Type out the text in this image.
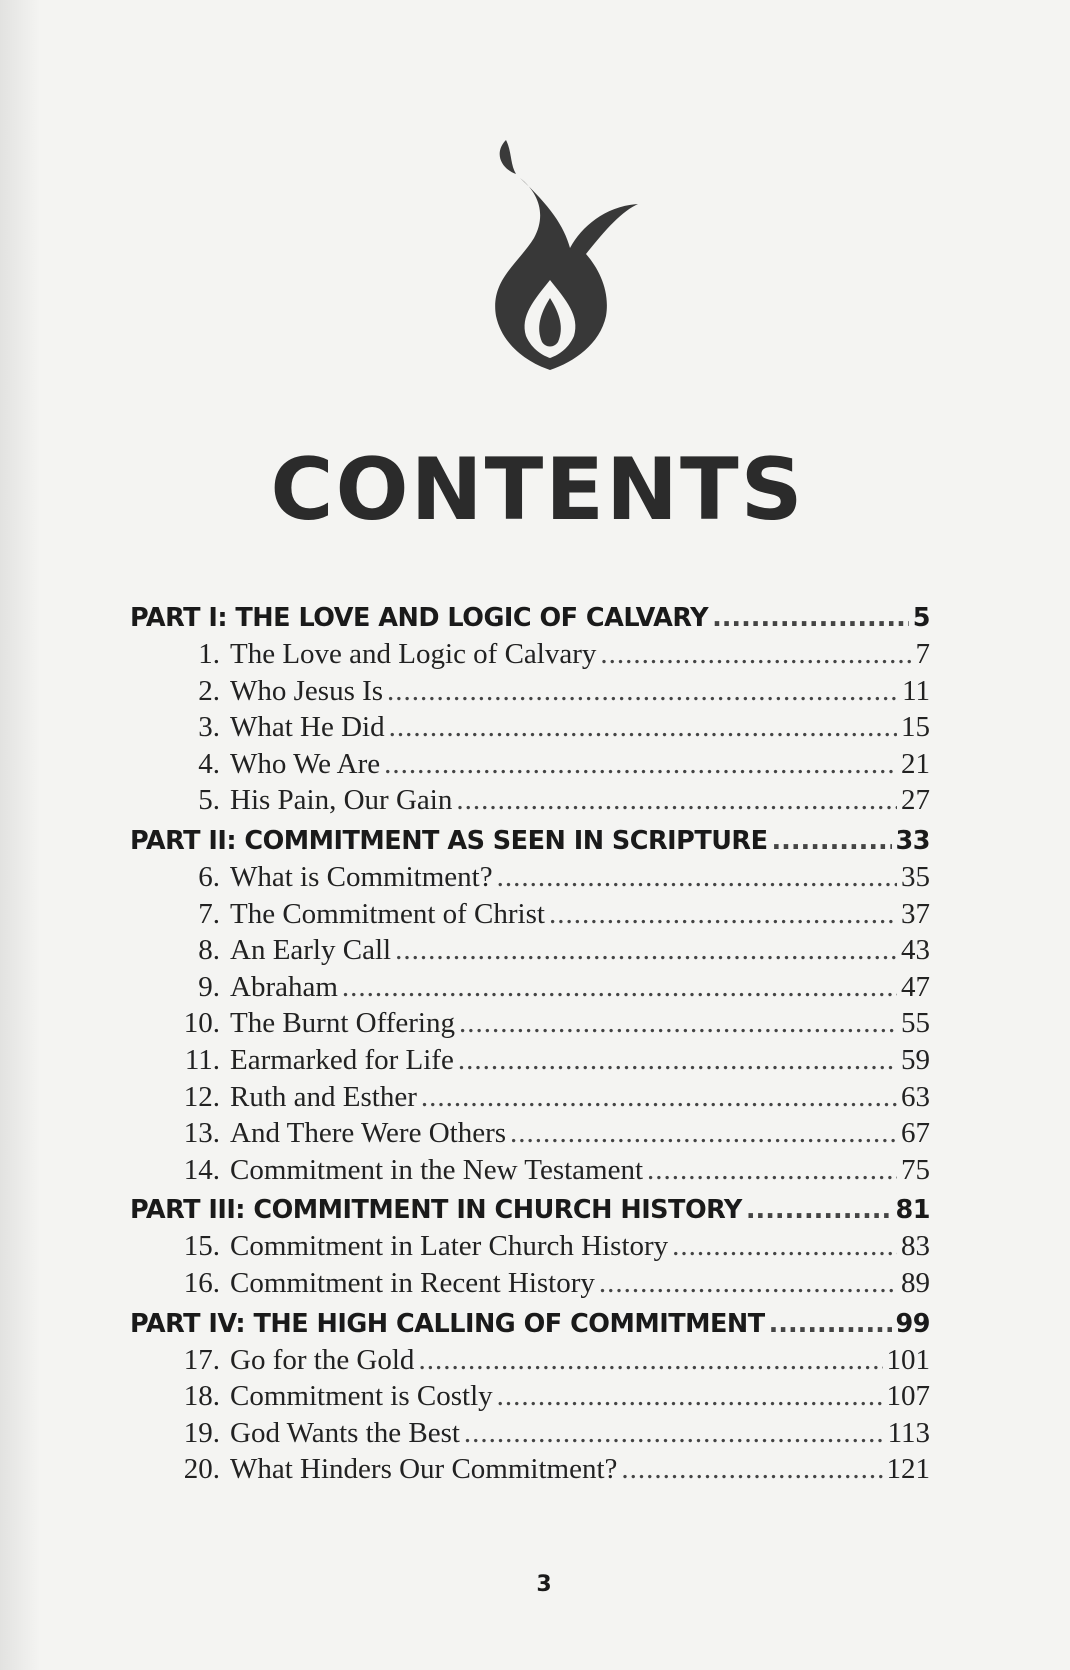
CONTENTS
PART I: THE LOVE AND LOGIC OF CALVARY .....	5
1. The Love and Logic of Calvary .....	7
2. Who Jesus Is .....	11
3. What He Did .....	15
4. Who We Are .....	21
5. His Pain, Our Gain .....	27
PART II: COMMITMENT AS SEEN IN SCRIPTURE .....	33
6. What is Commitment? .....	35
7. The Commitment of Christ .....	37
8. An Early Call .....	43
9. Abraham .....	47
10. The Burnt Offering .....	55
11. Earmarked for Life .....	59
12. Ruth and Esther .....	63
13. And There Were Others .....	67
14. Commitment in the New Testament .....	75
PART III: COMMITMENT IN CHURCH HISTORY .....	81
15. Commitment in Later Church History .....	83
16. Commitment in Recent History .....	89
PART IV: THE HIGH CALLING OF COMMITMENT .....	99
17. Go for the Gold .....	101
18. Commitment is Costly .....	107
19. God Wants the Best .....	113
20. What Hinders Our Commitment? .....	121
3
